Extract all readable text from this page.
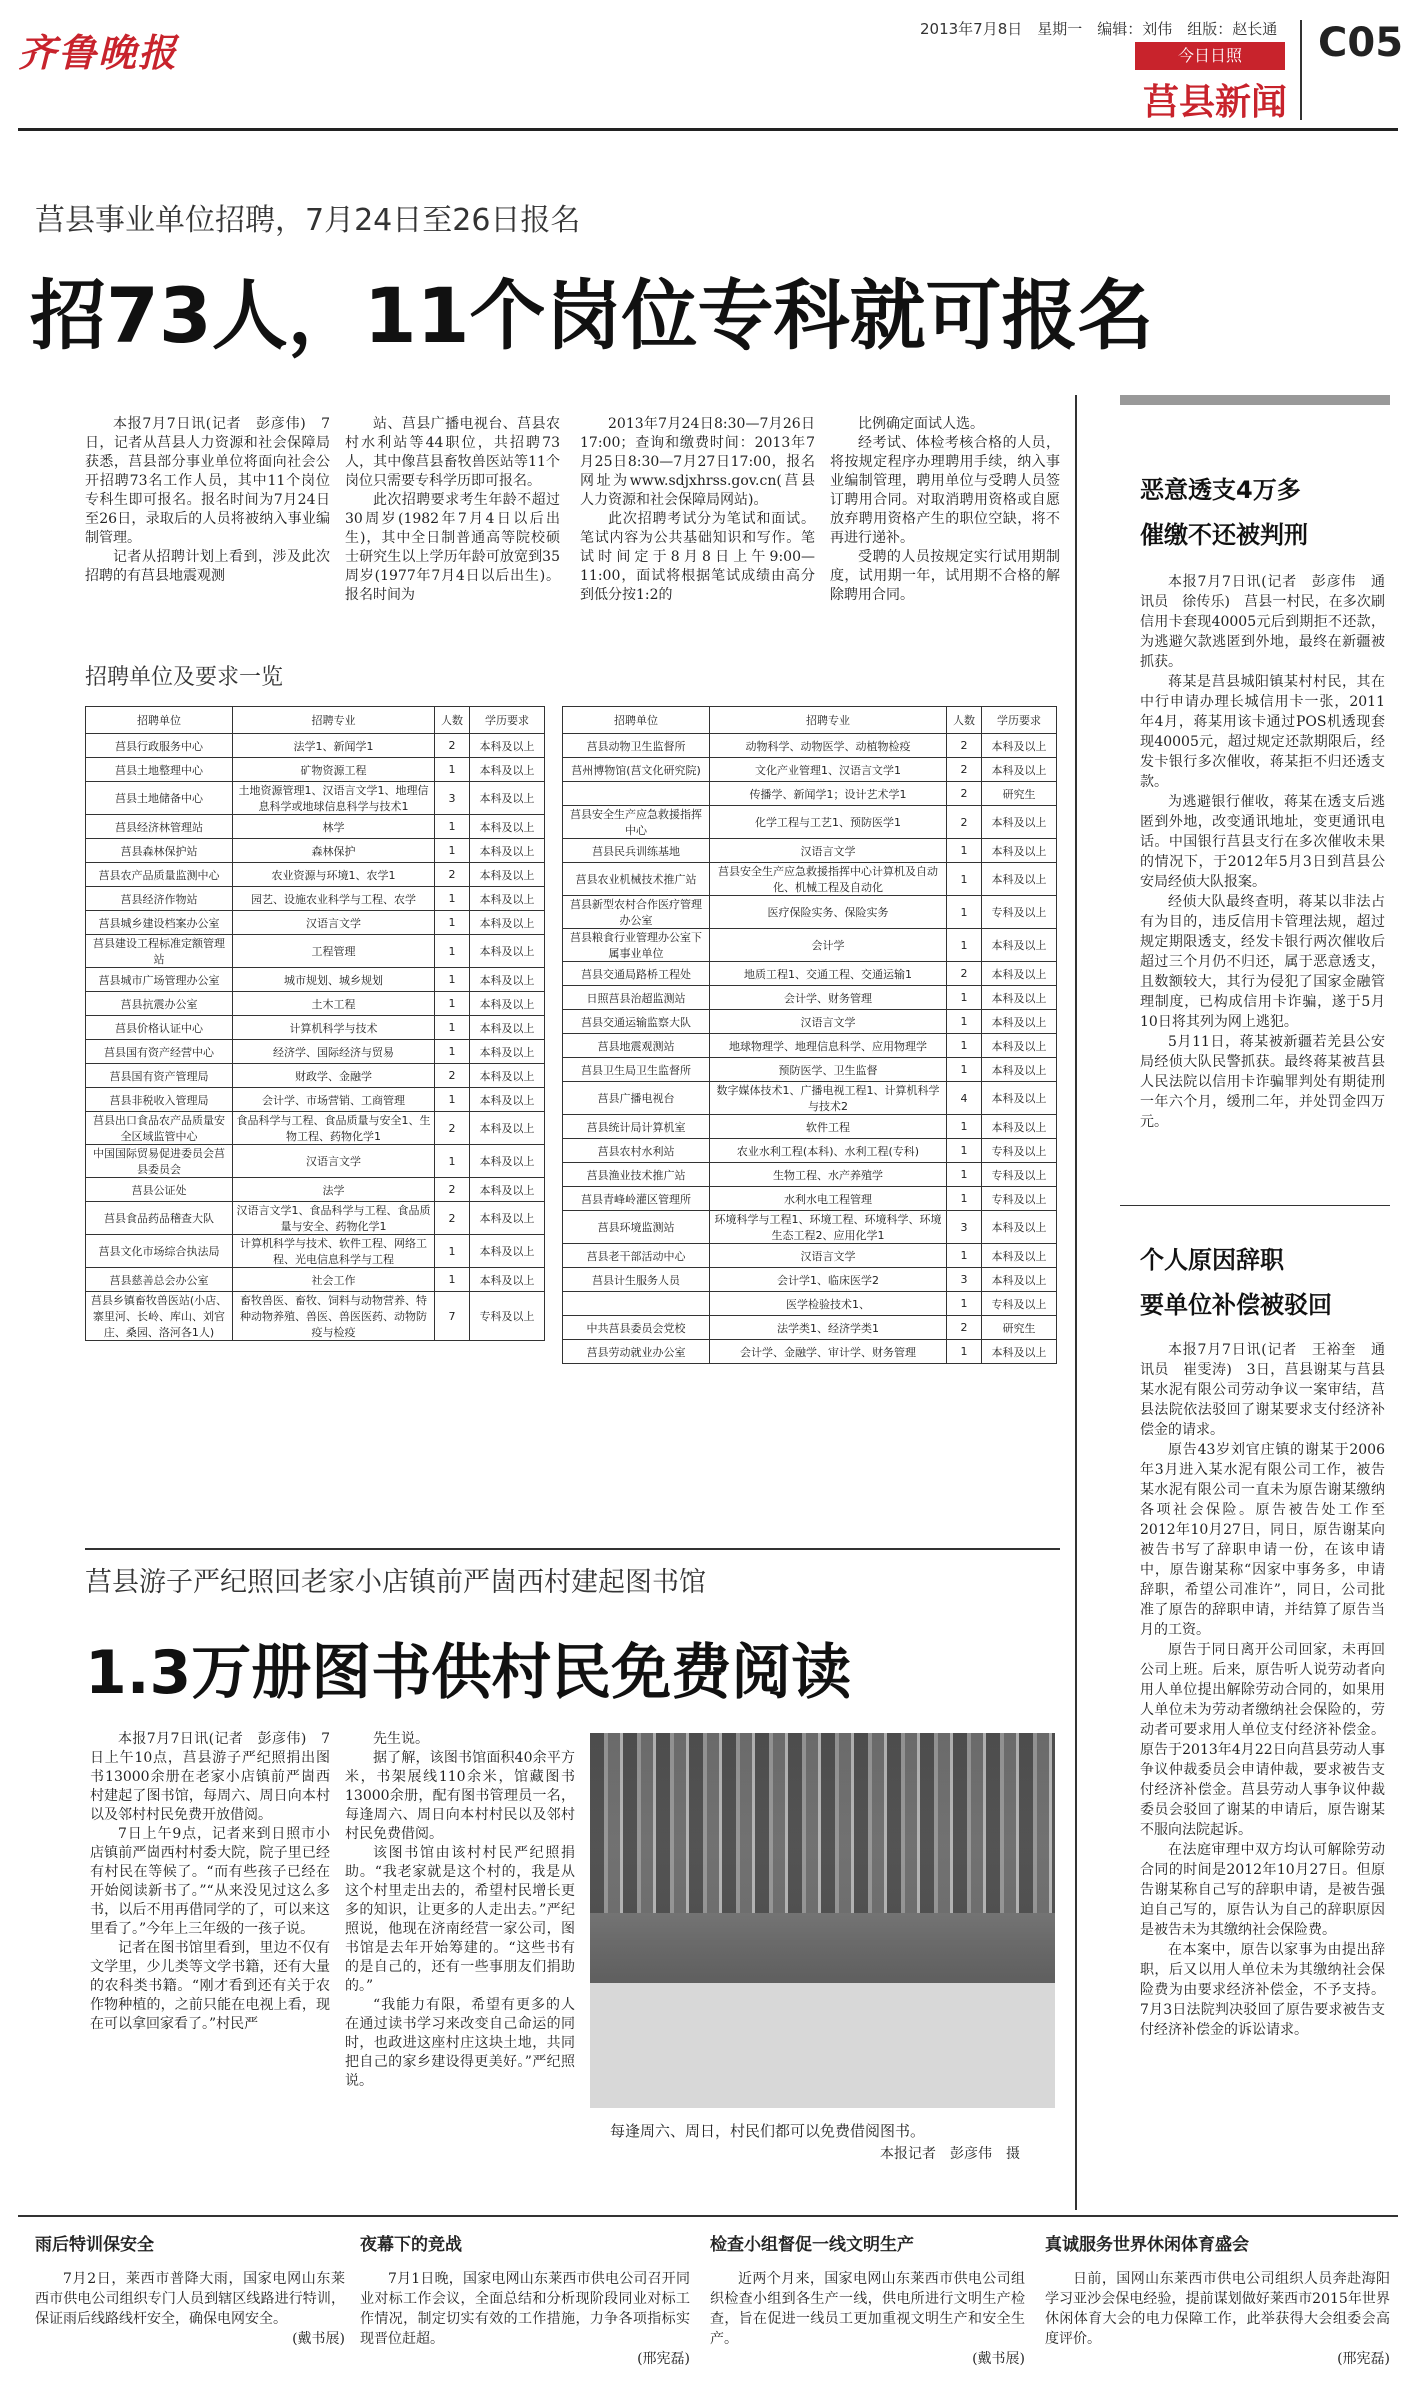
齐鲁晚报
2013年7月8日　星期一　编辑：刘伟　组版：赵长通
今日日照
莒县新闻
C05
莒县事业单位招聘，7月24日至26日报名
招73人，11个岗位专科就可报名

本报7月7日讯(记者　彭彦伟)　7日，记者从莒县人力资源和社会保障局获悉，莒县部分事业单位将面向社会公开招聘73名工作人员，其中11个岗位专科生即可报名。报名时间为7月24日至26日，录取后的人员将被纳入事业编制管理。

记者从招聘计划上看到，涉及此次招聘的有莒县地震观测

站、莒县广播电视台、莒县农村水利站等44职位，共招聘73人，其中像莒县畜牧兽医站等11个岗位只需要专科学历即可报名。

此次招聘要求考生年龄不超过30周岁(1982年7月4日以后出生)，其中全日制普通高等院校硕士研究生以上学历年龄可放宽到35周岁(1977年7月4日以后出生)。报名时间为

2013年7月24日8:30—7月26日17:00；查询和缴费时间：2013年7月25日8:30—7月27日17:00，报名网址为www.sdjxhrss.gov.cn(莒县人力资源和社会保障局网站)。

此次招聘考试分为笔试和面试。笔试内容为公共基础知识和写作。笔试时间定于8月8日上午9:00—11:00，面试将根据笔试成绩由高分到低分按1:2的

比例确定面试人选。

经考试、体检考核合格的人员，将按规定程序办理聘用手续，纳入事业编制管理，聘用单位与受聘人员签订聘用合同。对取消聘用资格或自愿放弃聘用资格产生的职位空缺，将不再进行递补。

受聘的人员按规定实行试用期制度，试用期一年，试用期不合格的解除聘用合同。

招聘单位及要求一览
招聘单位	招聘专业	人数	学历要求
莒县行政服务中心	法学1、新闻学1	2	本科及以上
莒县土地整理中心	矿物资源工程	1	本科及以上
莒县土地储备中心	土地资源管理1、汉语言文学1、地理信息科学或地球信息科学与技术1	3	本科及以上
莒县经济林管理站	林学	1	本科及以上
莒县森林保护站	森林保护	1	本科及以上
莒县农产品质量监测中心	农业资源与环境1、农学1	2	本科及以上
莒县经济作物站	园艺、设施农业科学与工程、农学	1	本科及以上
莒县城乡建设档案办公室	汉语言文学	1	本科及以上
莒县建设工程标准定额管理站	工程管理	1	本科及以上
莒县城市广场管理办公室	城市规划、城乡规划	1	本科及以上
莒县抗震办公室	土木工程	1	本科及以上
莒县价格认证中心	计算机科学与技术	1	本科及以上
莒县国有资产经营中心	经济学、国际经济与贸易	1	本科及以上
莒县国有资产管理局	财政学、金融学	2	本科及以上
莒县非税收入管理局	会计学、市场营销、工商管理	1	本科及以上
莒县出口食品农产品质量安全区域监管中心	食品科学与工程、食品质量与安全1、生物工程、药物化学1	2	本科及以上
中国国际贸易促进委员会莒县委员会	汉语言文学	1	本科及以上
莒县公证处	法学	2	本科及以上
莒县食品药品稽查大队	汉语言文学1、食品科学与工程、食品质量与安全、药物化学1	2	本科及以上
莒县文化市场综合执法局	计算机科学与技术、软件工程、网络工程、光电信息科学与工程	1	本科及以上
莒县慈善总会办公室	社会工作	1	本科及以上
莒县乡镇畜牧兽医站(小店、寨里河、长岭、库山、刘官庄、桑园、洛河各1人)	畜牧兽医、畜牧、饲料与动物营养、特种动物养殖、兽医、兽医医药、动物防疫与检疫	7	专科及以上
招聘单位	招聘专业	人数	学历要求
莒县动物卫生监督所	动物科学、动物医学、动植物检疫	2	本科及以上
莒州博物馆(莒文化研究院)	文化产业管理1、汉语言文学1	2	本科及以上
	传播学、新闻学1；设计艺术学1	2	研究生
莒县安全生产应急救援指挥中心	化学工程与工艺1、预防医学1	2	本科及以上
莒县民兵训练基地	汉语言文学	1	本科及以上
莒县农业机械技术推广站	莒县安全生产应急救援指挥中心计算机及自动化、机械工程及自动化	1	本科及以上
莒县新型农村合作医疗管理办公室	医疗保险实务、保险实务	1	专科及以上
莒县粮食行业管理办公室下属事业单位	会计学	1	本科及以上
莒县交通局路桥工程处	地质工程1、交通工程、交通运输1	2	本科及以上
日照莒县治超监测站	会计学、财务管理	1	本科及以上
莒县交通运输监察大队	汉语言文学	1	本科及以上
莒县地震观测站	地球物理学、地理信息科学、应用物理学	1	本科及以上
莒县卫生局卫生监督所	预防医学、卫生监督	1	本科及以上
莒县广播电视台	数字媒体技术1、广播电视工程1、计算机科学与技术2	4	本科及以上
莒县统计局计算机室	软件工程	1	本科及以上
莒县农村水利站	农业水利工程(本科)、水利工程(专科)	1	专科及以上
莒县渔业技术推广站	生物工程、水产养殖学	1	专科及以上
莒县青峰岭灌区管理所	水利水电工程管理	1	专科及以上
莒县环境监测站	环境科学与工程1、环境工程、环境科学、环境生态工程2、应用化学1	3	本科及以上
莒县老干部活动中心	汉语言文学	1	本科及以上
莒县计生服务人员	会计学1、临床医学2	3	本科及以上
	医学检验技术1、	1	专科及以上
中共莒县委员会党校	法学类1、经济学类1	2	研究生
莒县劳动就业办公室	会计学、金融学、审计学、财务管理	1	本科及以上
莒县游子严纪照回老家小店镇前严崮西村建起图书馆
1.3万册图书供村民免费阅读

本报7月7日讯(记者　彭彦伟)　7日上午10点，莒县游子严纪照捐出图书13000余册在老家小店镇前严崮西村建起了图书馆，每周六、周日向本村以及邻村村民免费开放借阅。

7日上午9点，记者来到日照市小店镇前严崮西村村委大院，院子里已经有村民在等候了。“而有些孩子已经在开始阅读新书了。”“从来没见过这么多书，以后不用再借同学的了，可以来这里看了。”今年上三年级的一孩子说。

记者在图书馆里看到，里边不仅有文学里，少儿类等文学书籍，还有大量的农科类书籍。“刚才看到还有关于农作物种植的，之前只能在电视上看，现在可以拿回家看了。”村民严

先生说。

据了解，该图书馆面积40余平方米，书架展线110余米，馆藏图书13000余册，配有图书管理员一名，每逢周六、周日向本村村民以及邻村村民免费借阅。

该图书馆由该村村民严纪照捐助。“我老家就是这个村的，我是从这个村里走出去的，希望村民增长更多的知识，让更多的人走出去。”严纪照说，他现在济南经营一家公司，图书馆是去年开始筹建的。“这些书有的是自己的，还有一些事朋友们捐助的。”

“我能力有限，希望有更多的人在通过读书学习来改变自己命运的同时，也政进这座村庄这块土地，共同把自己的家乡建设得更美好。”严纪照说。

每逢周六、周日，村民们都可以免费借阅图书。
本报记者　彭彦伟　摄
恶意透支4万多
催缴不还被判刑

本报7月7日讯(记者　彭彦伟　通讯员　徐传乐)　莒县一村民，在多次刷信用卡套现40005元后到期拒不还款，为逃避欠款逃匿到外地，最终在新疆被抓获。

蒋某是莒县城阳镇某村村民，其在中行申请办理长城信用卡一张，2011年4月，蒋某用该卡通过POS机透现套现40005元，超过规定还款期限后，经发卡银行多次催收，蒋某拒不归还透支款。

为逃避银行催收，蒋某在透支后逃匿到外地，改变通讯地址，变更通讯电话。中国银行莒县支行在多次催收未果的情况下，于2012年5月3日到莒县公安局经侦大队报案。

经侦大队最终查明，蒋某以非法占有为目的，违反信用卡管理法规，超过规定期限透支，经发卡银行两次催收后超过三个月仍不归还，属于恶意透支，且数额较大，其行为侵犯了国家金融管理制度，已构成信用卡诈骗，遂于5月10日将其列为网上逃犯。

5月11日，蒋某被新疆若羌县公安局经侦大队民警抓获。最终蒋某被莒县人民法院以信用卡诈骗罪判处有期徒刑一年六个月，缓刑二年，并处罚金四万元。

个人原因辞职
要单位补偿被驳回

本报7月7日讯(记者　王裕奎　通讯员　崔雯涛)　3日，莒县谢某与莒县某水泥有限公司劳动争议一案审结，莒县法院依法驳回了谢某要求支付经济补偿金的请求。

原告43岁刘官庄镇的谢某于2006年3月进入某水泥有限公司工作，被告某水泥有限公司一直未为原告谢某缴纳各项社会保险。原告被告处工作至2012年10月27日，同日，原告谢某向被告书写了辞职申请一份，在该申请中，原告谢某称“因家中事务多，申请辞职，希望公司准许”，同日，公司批准了原告的辞职申请，并结算了原告当月的工资。

原告于同日离开公司回家，未再回公司上班。后来，原告听人说劳动者向用人单位提出解除劳动合同的，如果用人单位未为劳动者缴纳社会保险的，劳动者可要求用人单位支付经济补偿金。原告于2013年4月22日向莒县劳动人事争议仲裁委员会申请仲裁，要求被告支付经济补偿金。莒县劳动人事争议仲裁委员会驳回了谢某的申请后，原告谢某不服向法院起诉。

在法庭审理中双方均认可解除劳动合同的时间是2012年10月27日。但原告谢某称自己写的辞职申请，是被告强迫自己写的，原告认为自己的辞职原因是被告未为其缴纳社会保险费。

在本案中，原告以家事为由提出辞职，后又以用人单位未为其缴纳社会保险费为由要求经济补偿金，不予支持。7月3日法院判决驳回了原告要求被告支付经济补偿金的诉讼请求。

雨后特训保安全
7月2日，莱西市普降大雨，国家电网山东莱西市供电公司组织专门人员到辖区线路进行特训，保证雨后线路线杆安全，确保电网安全。
(戴书展)
夜幕下的竞战
7月1日晚，国家电网山东莱西市供电公司召开同业对标工作会议，全面总结和分析现阶段同业对标工作情况，制定切实有效的工作措施，力争各项指标实现晋位赶超。
(邢宪磊)
检查小组督促一线文明生产
近两个月来，国家电网山东莱西市供电公司组织检查小组到各生产一线，供电所进行文明生产检查，旨在促进一线员工更加重视文明生产和安全生产。
(戴书展)
真诚服务世界休闲体育盛会
日前，国网山东莱西市供电公司组织人员奔赴海阳学习亚沙会保电经验，提前谋划做好莱西市2015年世界休闲体育大会的电力保障工作，此举获得大会组委会高度评价。
(邢宪磊)
